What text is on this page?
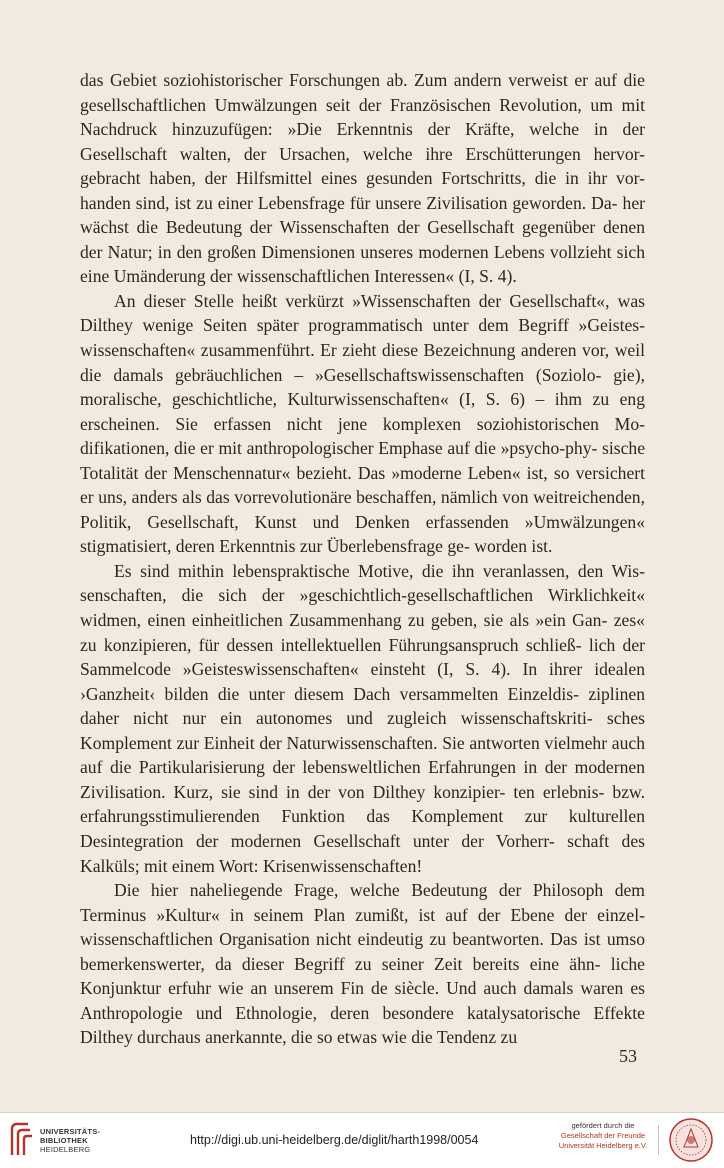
das Gebiet soziohistorischer Forschungen ab. Zum andern verweist er auf die gesellschaftlichen Umwälzungen seit der Französischen Revolution, um mit Nachdruck hinzuzufügen: »Die Erkenntnis der Kräfte, welche in der Gesellschaft walten, der Ursachen, welche ihre Erschütterungen hervor- gebracht haben, der Hilfsmittel eines gesunden Fortschritts, die in ihr vor- handen sind, ist zu einer Lebensfrage für unsere Zivilisation geworden. Da- her wächst die Bedeutung der Wissenschaften der Gesellschaft gegenüber denen der Natur; in den großen Dimensionen unseres modernen Lebens vollzieht sich eine Umänderung der wissenschaftlichen Interessen« (I, S. 4).

An dieser Stelle heißt verkürzt »Wissenschaften der Gesellschaft«, was Dilthey wenige Seiten später programmatisch unter dem Begriff »Geistes- wissenschaften« zusammenführt. Er zieht diese Bezeichnung anderen vor, weil die damals gebräuchlichen – »Gesellschaftswissenschaften (Soziolo- gie), moralische, geschichtliche, Kulturwissenschaften« (I, S. 6) – ihm zu eng erscheinen. Sie erfassen nicht jene komplexen soziohistorischen Mo- difikationen, die er mit anthropologischer Emphase auf die »psycho-phy- sische Totalität der Menschennatur« bezieht. Das »moderne Leben« ist, so versichert er uns, anders als das vorrevolutionäre beschaffen, nämlich von weitreichenden, Politik, Gesellschaft, Kunst und Denken erfassenden »Umwälzungen« stigmatisiert, deren Erkenntnis zur Überlebensfrage ge- worden ist.

Es sind mithin lebenspraktische Motive, die ihn veranlassen, den Wis- senschaften, die sich der »geschichtlich-gesellschaftlichen Wirklichkeit« widmen, einen einheitlichen Zusammenhang zu geben, sie als »ein Gan- zes« zu konzipieren, für dessen intellektuellen Führungsanspruch schließ- lich der Sammelcode »Geisteswissenschaften« einsteht (I, S. 4). In ihrer idealen ›Ganzheit‹ bilden die unter diesem Dach versammelten Einzeldis- ziplinen daher nicht nur ein autonomes und zugleich wissenschaftskriti- sches Komplement zur Einheit der Naturwissenschaften. Sie antworten vielmehr auch auf die Partikularisierung der lebensweltlichen Erfahrungen in der modernen Zivilisation. Kurz, sie sind in der von Dilthey konzipier- ten erlebnis- bzw. erfahrungsstimulierenden Funktion das Komplement zur kulturellen Desintegration der modernen Gesellschaft unter der Vorherr- schaft des Kalküls; mit einem Wort: Krisenwissenschaften!

Die hier naheliegende Frage, welche Bedeutung der Philosoph dem Terminus »Kultur« in seinem Plan zumißt, ist auf der Ebene der einzel- wissenschaftlichen Organisation nicht eindeutig zu beantworten. Das ist umso bemerkenswerter, da dieser Begriff zu seiner Zeit bereits eine ähn- liche Konjunktur erfuhr wie an unserem Fin de siècle. Und auch damals waren es Anthropologie und Ethnologie, deren besondere katalysatorische Effekte Dilthey durchaus anerkannte, die so etwas wie die Tendenz zu

53
UNIVERSITÄTS-
BIBLIOTHEK
HEIDELBERG
http://digi.ub.uni-heidelberg.de/diglit/harth1998/0054
gefördert durch die
Gesellschaft der Freunde
Universität Heidelberg e.V.
